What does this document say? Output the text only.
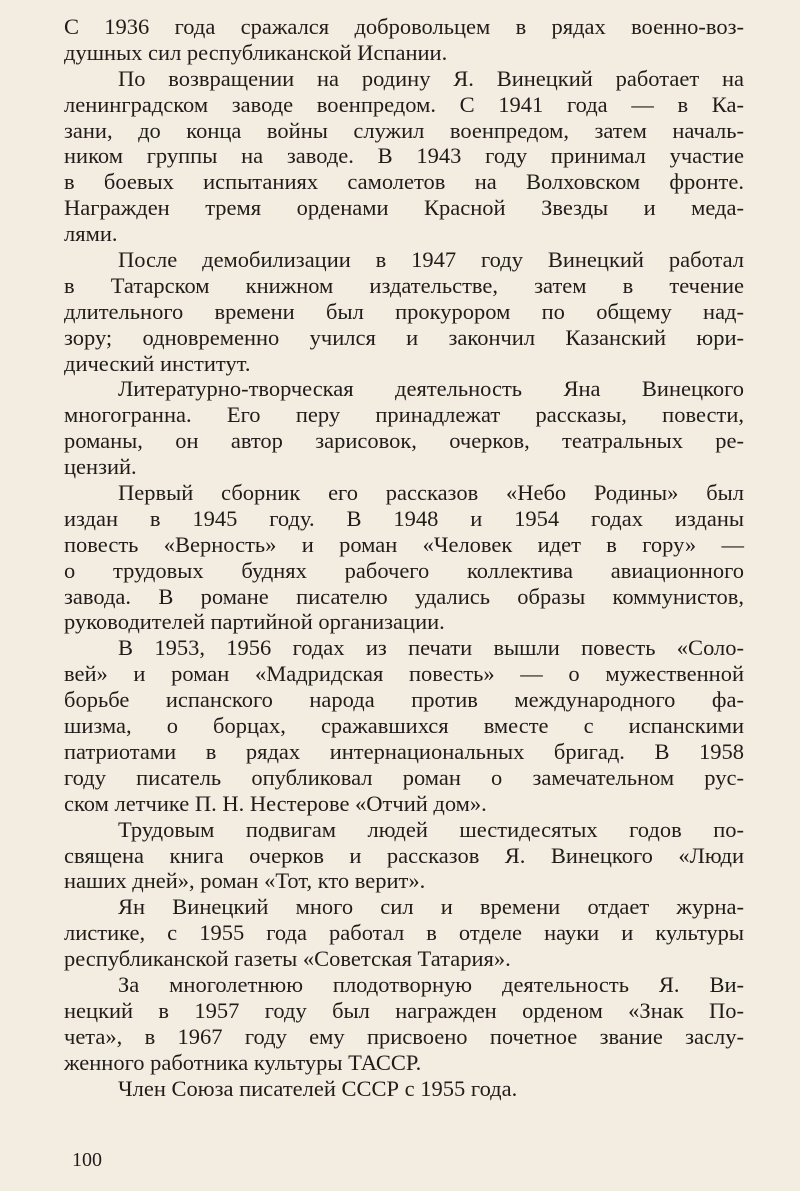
С 1936 года сражался добровольцем в рядах военно-воз-
душных сил республиканской Испании.
По возвращении на родину Я. Винецкий работает на
ленинградском заводе военпредом. С 1941 года — в Ка-
зани, до конца войны служил военпредом, затем началь-
ником группы на заводе. В 1943 году принимал участие
в боевых испытаниях самолетов на Волховском фронте.
Награжден тремя орденами Красной Звезды и медa-
лями.
После демобилизации в 1947 году Винецкий работал
в Татарском книжном издательстве, затем в течение
длительного времени был прокурором по общему над-
зору; одновременно учился и закончил Казанский юри-
дический институт.
Литературно-творческая деятельность Яна Винецкого
многогранна. Его перу принадлежат рассказы, повести,
романы, он автор зарисовок, очерков, театральных ре-
цензий.
Первый сборник его рассказов «Небо Родины» был
издан в 1945 году. В 1948 и 1954 годах изданы
повесть «Верность» и роман «Человек идет в гору» —
о трудовых буднях рабочего коллектива авиационного
завода. В романе писателю удались образы коммунистов,
руководителей партийной организации.
В 1953, 1956 годах из печати вышли повесть «Соло-
вей» и роман «Мадридская повесть» — о мужественной
борьбе испанского народа против международного фа-
шизма, о борцах, сражавшихся вместе с испанскими
патриотами в рядах интернациональных бригад. В 1958
году писатель опубликовал роман о замечательном рус-
ском летчике П. Н. Нестерове «Отчий дом».
Трудовым подвигам людей шестидесятых годов по-
священа книга очерков и рассказов Я. Винецкого «Люди
наших дней», роман «Тот, кто верит».
Ян Винецкий много сил и времени отдает журна-
листике, с 1955 года работал в отделе науки и культуры
республиканской газеты «Советская Татария».
За многолетнюю плодотворную деятельность Я. Ви-
нецкий в 1957 году был награжден орденом «Знак По-
чета», в 1967 году ему присвоено почетное звание заслу-
женного работника культуры ТАССР.
Член Союза писателей СССР с 1955 года.
100
